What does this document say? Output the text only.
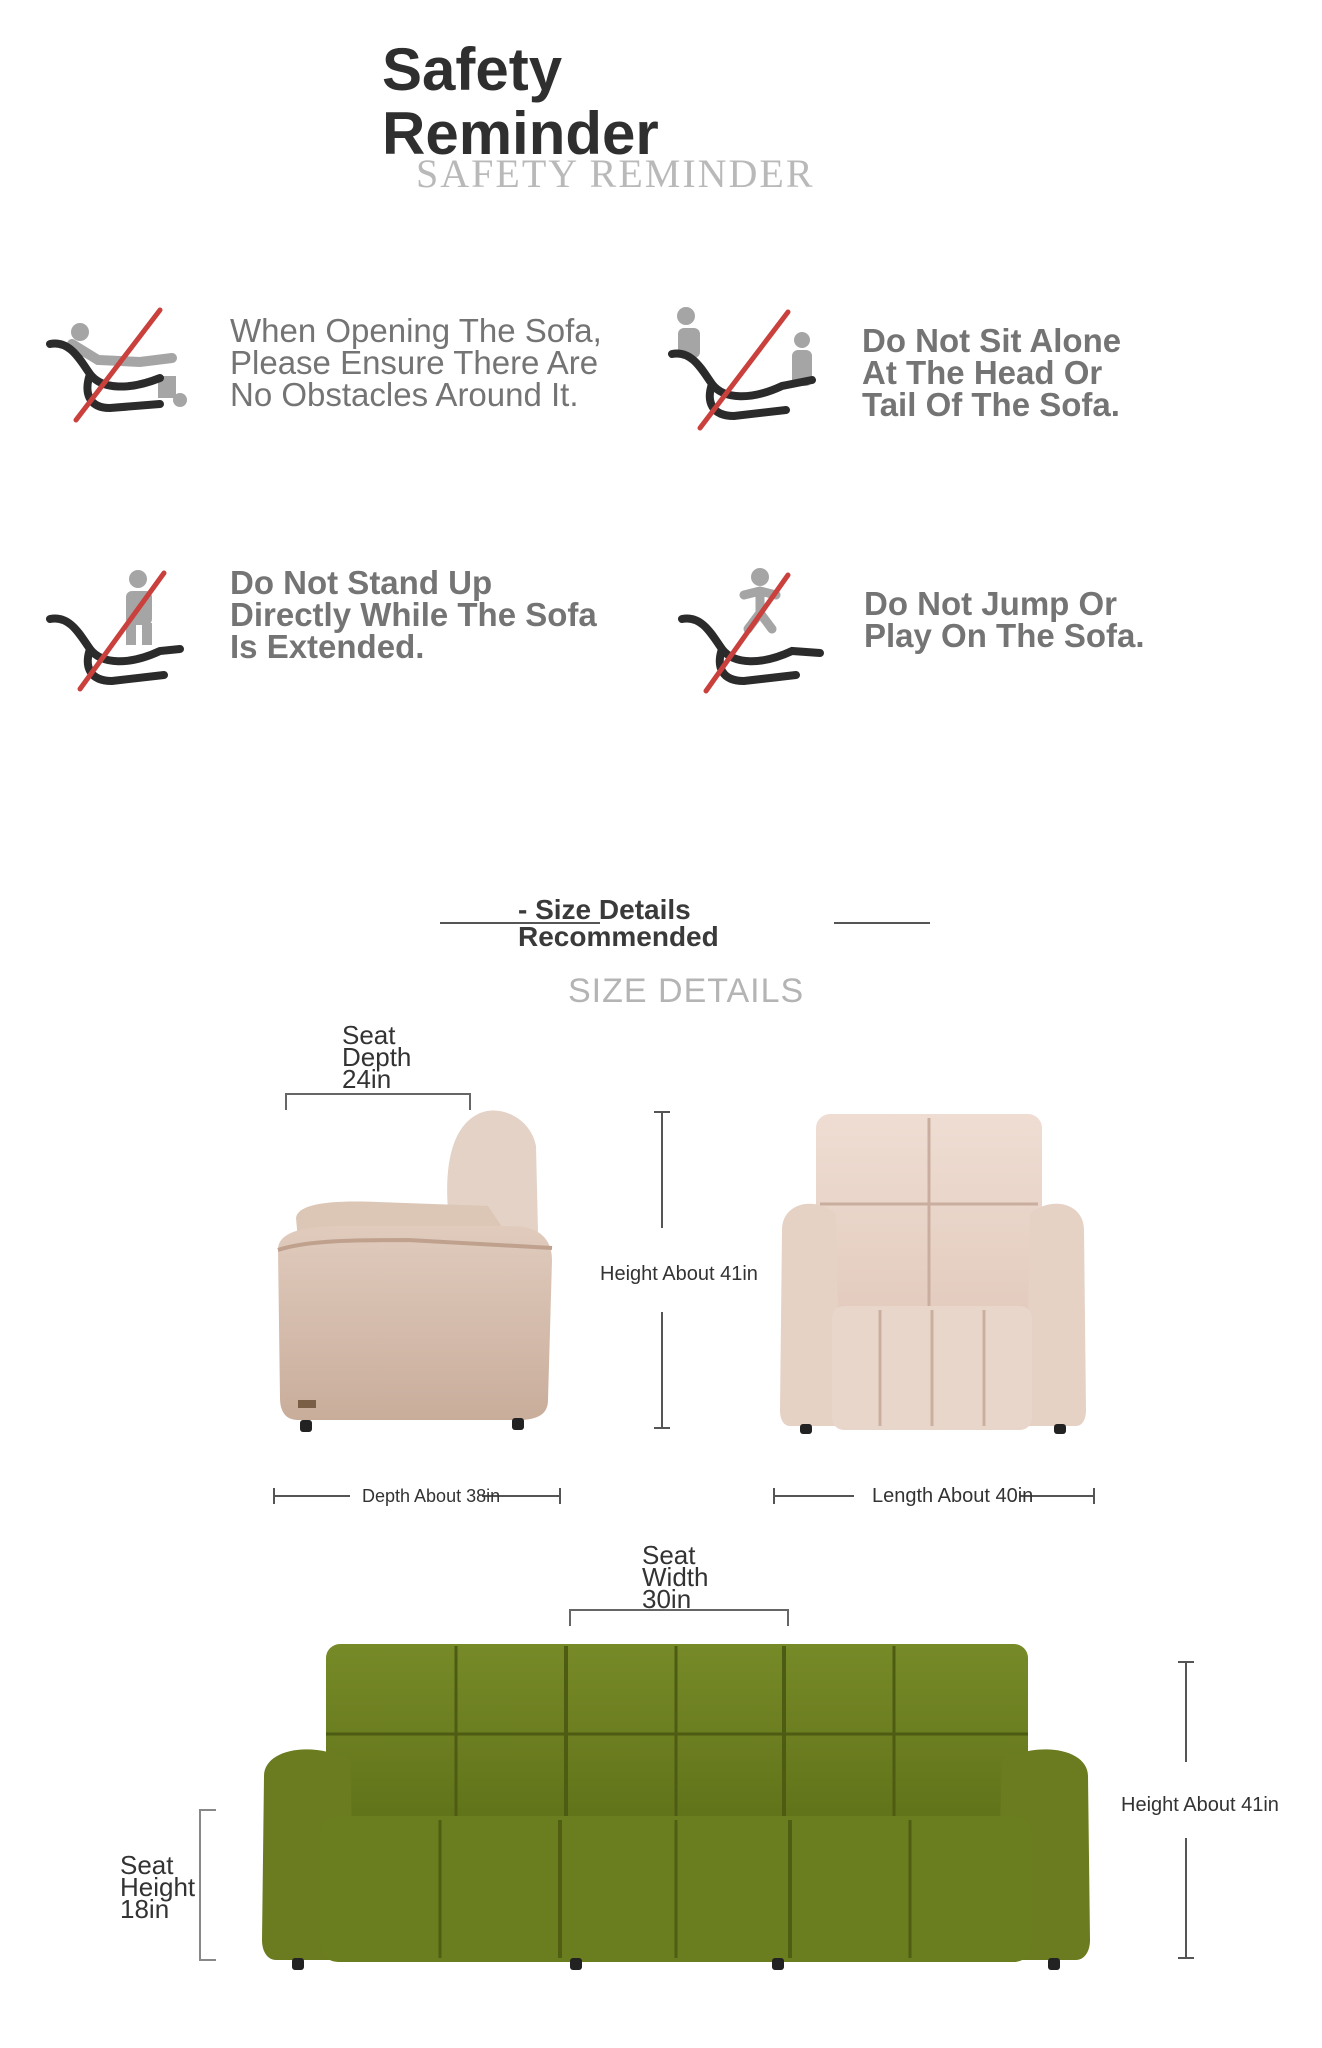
Safety Reminder
SAFETY REMINDER
When Opening The Sofa,
Please Ensure There Are
No Obstacles Around It.
Do Not Sit Alone
At The Head Or
Tail Of The Sofa.
Do Not Stand Up
Directly While The Sofa
Is Extended.
Do Not Jump Or
Play On The Sofa.
- Size Details
Recommended
SIZE DETAILS
Seat
Depth
24in
Height About 41in
Depth About 38in	Length About 40in
Seat
Width
30in
Height About 41in
Seat
Height
18in
